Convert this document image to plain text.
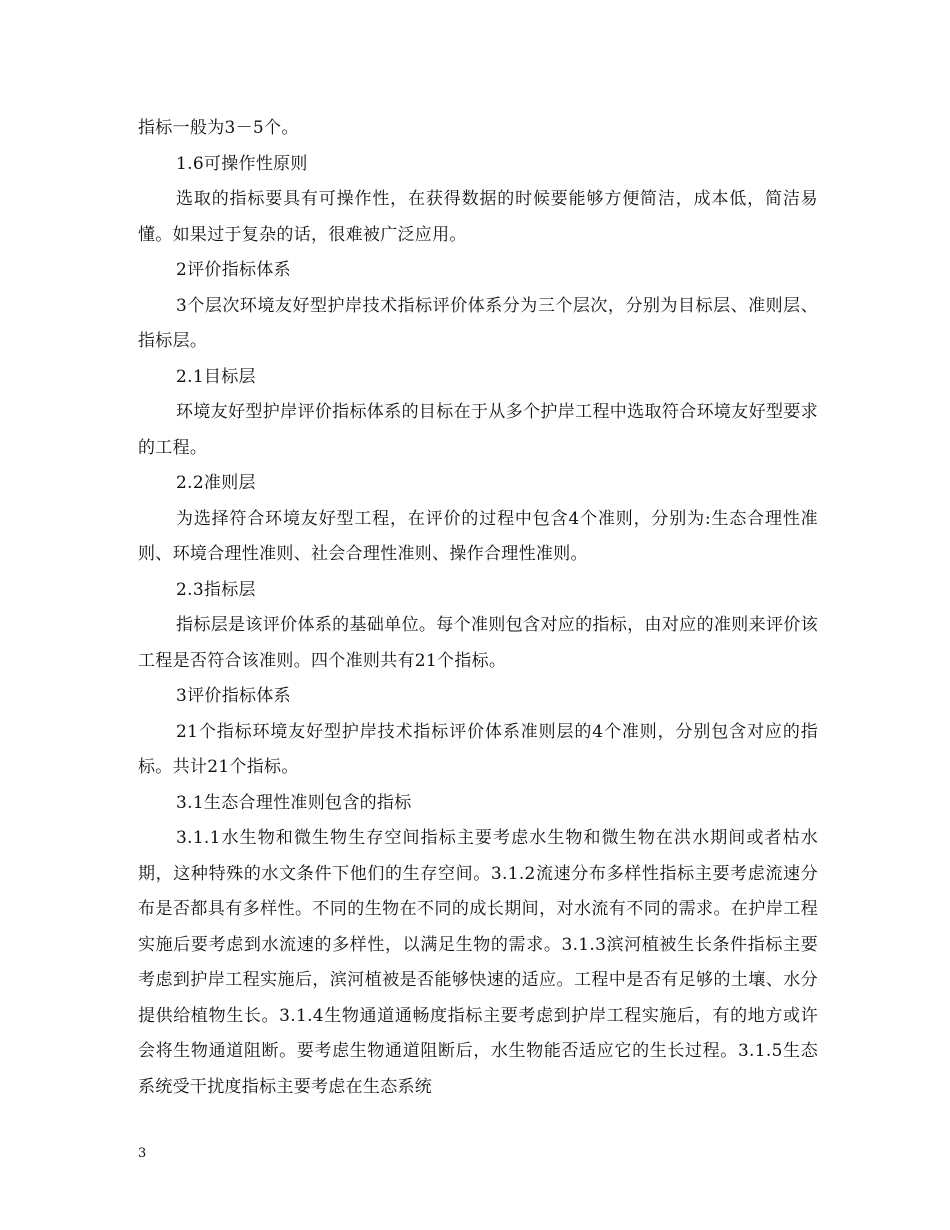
指标一般为3－5个。

1.6可操作性原则

选取的指标要具有可操作性，在获得数据的时候要能够方便简洁，成本低，简洁易懂。如果过于复杂的话，很难被广泛应用。

2评价指标体系

3个层次环境友好型护岸技术指标评价体系分为三个层次，分别为目标层、准则层、指标层。

2.1目标层

环境友好型护岸评价指标体系的目标在于从多个护岸工程中选取符合环境友好型要求的工程。

2.2准则层

为选择符合环境友好型工程，在评价的过程中包含4个准则，分别为:生态合理性准则、环境合理性准则、社会合理性准则、操作合理性准则。

2.3指标层

指标层是该评价体系的基础单位。每个准则包含对应的指标，由对应的准则来评价该工程是否符合该准则。四个准则共有21个指标。

3评价指标体系

21个指标环境友好型护岸技术指标评价体系准则层的4个准则，分别包含对应的指标。共计21个指标。

3.1生态合理性准则包含的指标

3.1.1水生物和微生物生存空间指标主要考虑水生物和微生物在洪水期间或者枯水期，这种特殊的水文条件下他们的生存空间。3.1.2流速分布多样性指标主要考虑流速分布是否都具有多样性。不同的生物在不同的成长期间，对水流有不同的需求。在护岸工程实施后要考虑到水流速的多样性，以满足生物的需求。3.1.3滨河植被生长条件指标主要考虑到护岸工程实施后，滨河植被是否能够快速的适应。工程中是否有足够的土壤、水分提供给植物生长。3.1.4生物通道通畅度指标主要考虑到护岸工程实施后，有的地方或许会将生物通道阻断。要考虑生物通道阻断后，水生物能否适应它的生长过程。3.1.5生态系统受干扰度指标主要考虑在生态系统

3
